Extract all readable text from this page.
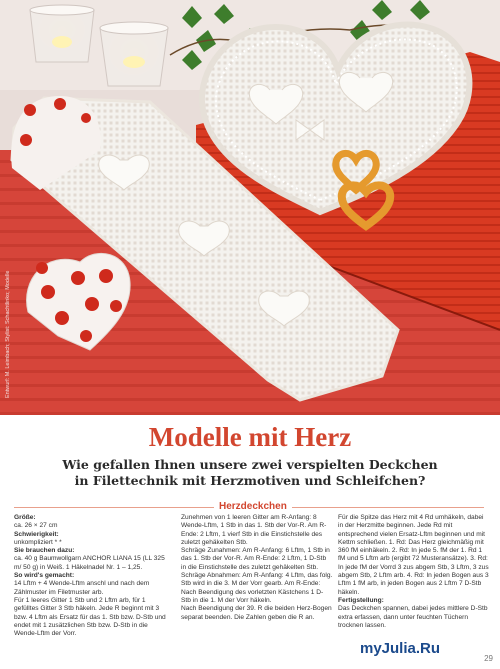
Entwurf: M. Leimbach; Stylist: Schachtlinko; Modelle
Modelle mit Herz
Wie gefallen Ihnen unsere zwei verspielten Deckchen
in Filettechnik mit Herzmotiven und Schleifchen?
Herzdeckchen
Größe:
ca. 26 × 27 cm
Schwierigkeit:
unkompliziert * *
Sie brauchen dazu:
ca. 40 g Baumwollgarn ANCHOR LIANA 15 (LL 325 m/ 50 g) in Weiß. 1 Häkelnadel Nr. 1 – 1,25.
So wird's gemacht:
14 Lftm + 4 Wende-Lftm anschl und nach dem Zählmuster im Filetmuster arb.
Für 1 leeres Gitter 1 Stb und 2 Lftm arb, für 1 gefülltes Gitter 3 Stb häkeln. Jede R beginnt mit 3 bzw. 4 Lftm als Ersatz für das 1. Stb bzw. D-Stb und endet mit 1 zusätzlichen Stb bzw. D-Stb in die Wende-Lftm der Vorr.
Zunehmen von 1 leeren Gitter am R-Anfang: 8 Wende-Lftm, 1 Stb in das 1. Stb der Vor-R. Am R-Ende: 2 Lftm, 1 vierf Stb in die Einstichstelle des zuletzt gehäkelten Stb.
Schräge Zunahmen: Am R-Anfang: 6 Lftm, 1 Stb in das 1. Stb der Vor-R. Am R-Ende: 2 Lftm, 1 D-Stb in die Einstichstelle des zuletzt gehäkelten Stb. Schräge Abnahmen: Am R-Anfang: 4 Lftm, das folg. Stb wird in die 3. M der Vorr gearb. Am R-Ende: Nach Beendigung des vorletzten Kästchens 1 D-Stb in die 1. M der Vorr häkeln.
Nach Beendigung der 39. R die beiden Herz-Bogen separat beenden. Die Zahlen geben die R an.
Für die Spitze das Herz mit 4 Rd umhäkeln, dabei in der Herzmitte beginnen. Jede Rd mit entsprechend vielen Ersatz-Lftm beginnen und mit Kettm schließen. 1. Rd: Das Herz gleichmäßig mit 360 fM einhäkeln. 2. Rd: In jede 5. fM der 1. Rd 1 fM und 5 Lftm arb (ergibt 72 Musteransätze). 3. Rd: In jede fM der Vorrd 3 zus abgem Stb, 3 Lftm, 3 zus abgem Stb, 2 Lftm arb. 4. Rd: In jeden Bogen aus 3 Lftm 1 fM arb, in jeden Bogen aus 2 Lftm 7 D-Stb häkeln.
Fertigstellung:
Das Deckchen spannen, dabei jedes mittlere D-Stb extra erfassen, dann unter feuchten Tüchern trocknen lassen.
myJulia.Ru
29
